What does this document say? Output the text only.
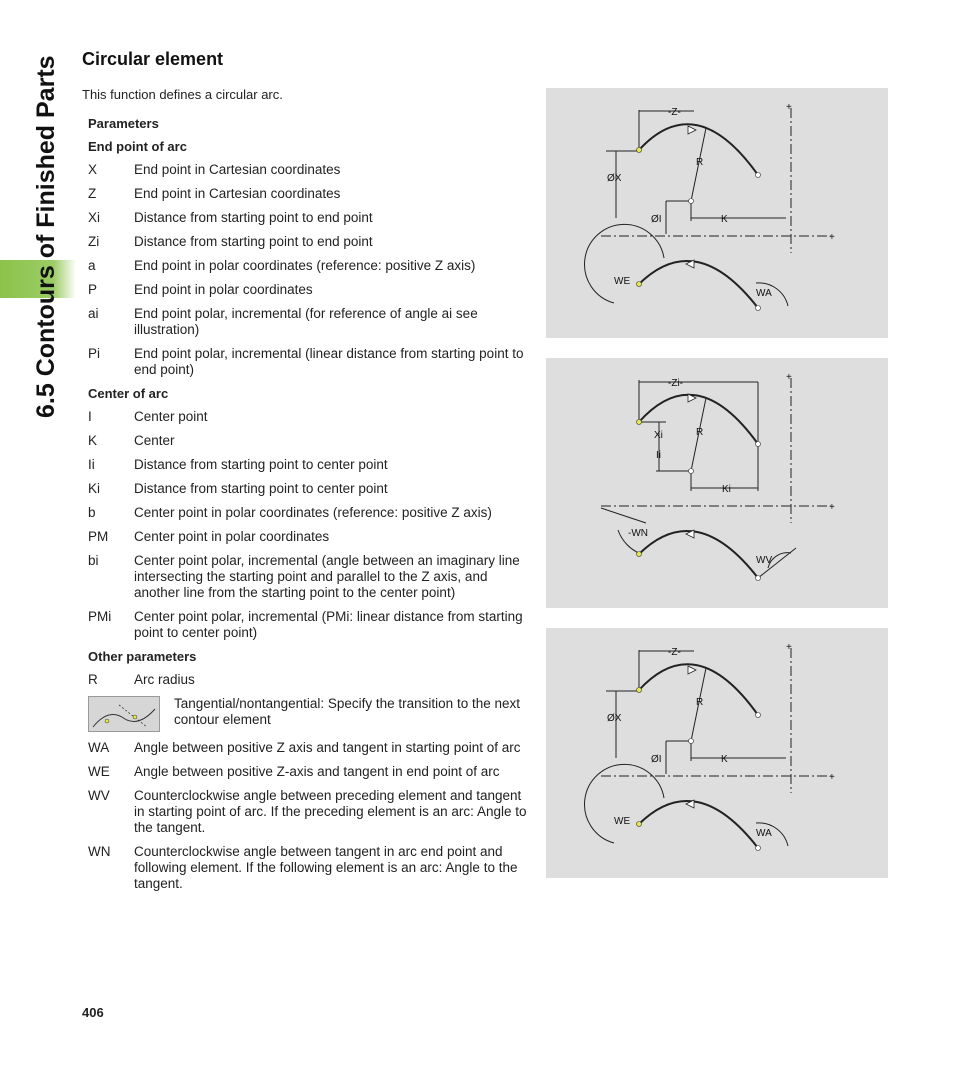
6.5 Contours of Finished Parts	Circular element
This function defines a circular arc.
Parameters
End point of arc
X	End point in Cartesian coordinates
Z	End point in Cartesian coordinates
Xi	Distance from starting point to end point
Zi	Distance from starting point to end point
a	End point in polar coordinates (reference: positive Z axis)
P	End point in polar coordinates
ai	End point polar, incremental (for reference of angle ai see illustration)
Pi	End point polar, incremental (linear distance from starting point to end point)
Center of arc
I	Center point
K	Center
Ii	Distance from starting point to center point
Ki	Distance from starting point to center point
b	Center point in polar coordinates (reference: positive Z axis)
PM	Center point in polar coordinates
bi	Center point polar, incremental (angle between an imaginary line intersecting the starting point and parallel to the Z axis, and another line from the starting point to the center point)
PMi	Center point polar, incremental (PMi: linear distance from starting point to center point)
Other parameters
R	Arc radius
Tangential/nontangential: Specify the transition to the next contour element
WA	Angle between positive Z axis and tangent in starting point of arc
WE	Angle between positive Z-axis and tangent in end point of arc
WV	Counterclockwise angle between preceding element and tangent in starting point of arc. If the preceding element is an arc: Angle to the tangent.
WN	Counterclockwise angle between tangent in arc end point and following element. If the following element is an arc: Angle to the tangent.
406
-Z-
ØX
R
ØI	K
WE
WA
+
+
-Zi-
Xi	R
Ii
Ki
-WN
WV
+
+
-Z-
ØX
R
ØI	K
WE
WA
+
+
